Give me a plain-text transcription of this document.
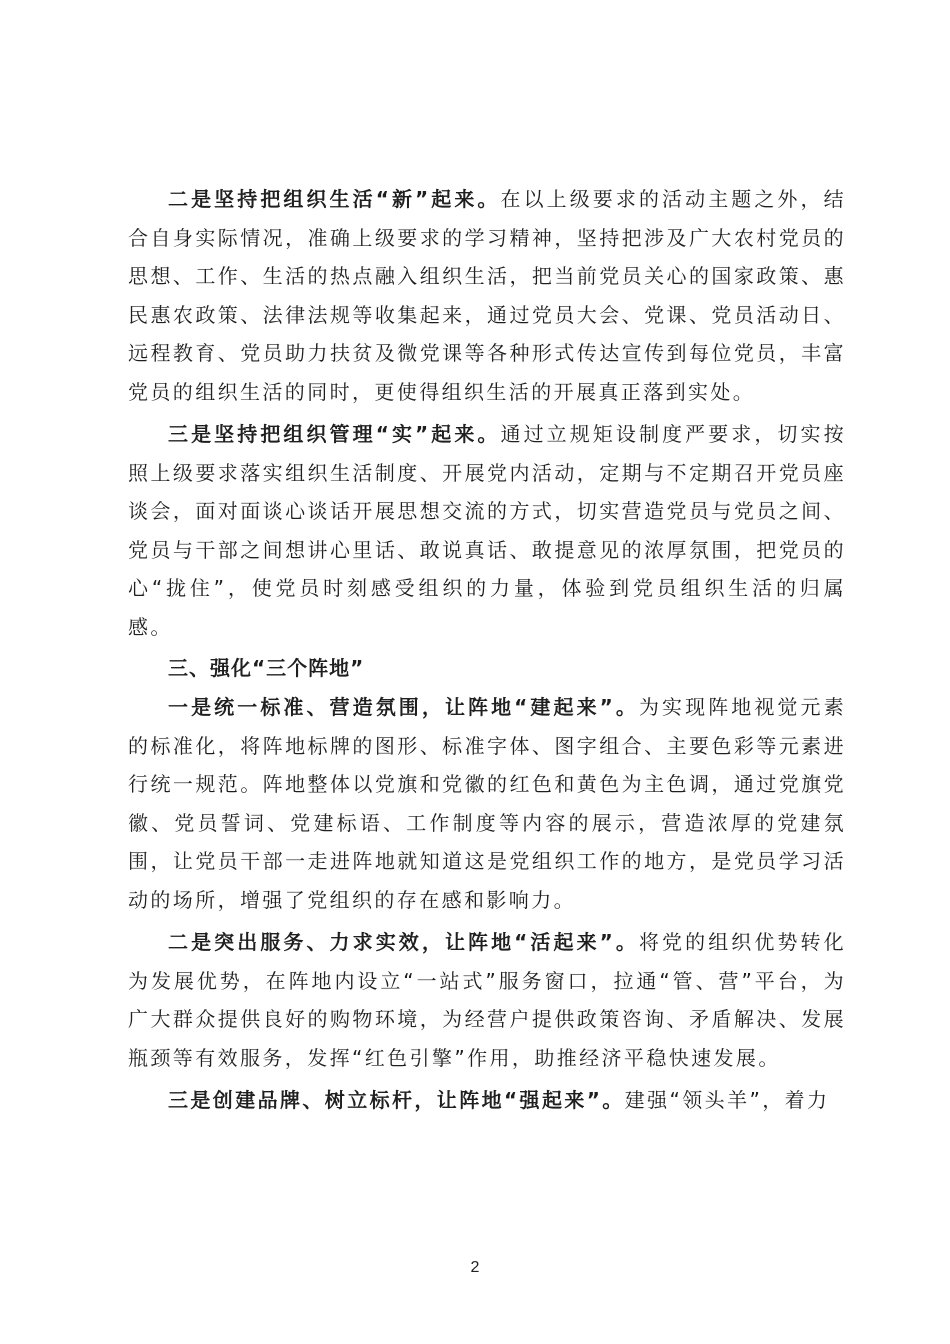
二是坚持把组织生活“新”起来。在以上级要求的活动主题之外，结合自身实际情况，准确上级要求的学习精神，坚持把涉及广大农村党员的思想、工作、生活的热点融入组织生活，把当前党员关心的国家政策、惠民惠农政策、法律法规等收集起来，通过党员大会、党课、党员活动日、远程教育、党员助力扶贫及微党课等各种形式传达宣传到每位党员，丰富党员的组织生活的同时，更使得组织生活的开展真正落到实处。

三是坚持把组织管理“实”起来。通过立规矩设制度严要求，切实按照上级要求落实组织生活制度、开展党内活动，定期与不定期召开党员座谈会，面对面谈心谈话开展思想交流的方式，切实营造党员与党员之间、党员与干部之间想讲心里话、敢说真话、敢提意见的浓厚氛围，把党员的心“拢住”，使党员时刻感受组织的力量，体验到党员组织生活的归属感。

三、强化“三个阵地”

一是统一标准、营造氛围，让阵地“建起来”。为实现阵地视觉元素的标准化，将阵地标牌的图形、标准字体、图字组合、主要色彩等元素进行统一规范。阵地整体以党旗和党徽的红色和黄色为主色调，通过党旗党徽、党员誓词、党建标语、工作制度等内容的展示，营造浓厚的党建氛围，让党员干部一走进阵地就知道这是党组织工作的地方，是党员学习活动的场所，增强了党组织的存在感和影响力。

二是突出服务、力求实效，让阵地“活起来”。将党的组织优势转化为发展优势，在阵地内设立“一站式”服务窗口，拉通“管、营”平台，为广大群众提供良好的购物环境，为经营户提供政策咨询、矛盾解决、发展瓶颈等有效服务，发挥“红色引擎”作用，助推经济平稳快速发展。

三是创建品牌、树立标杆，让阵地“强起来”。建强“领头羊”，着力

2
